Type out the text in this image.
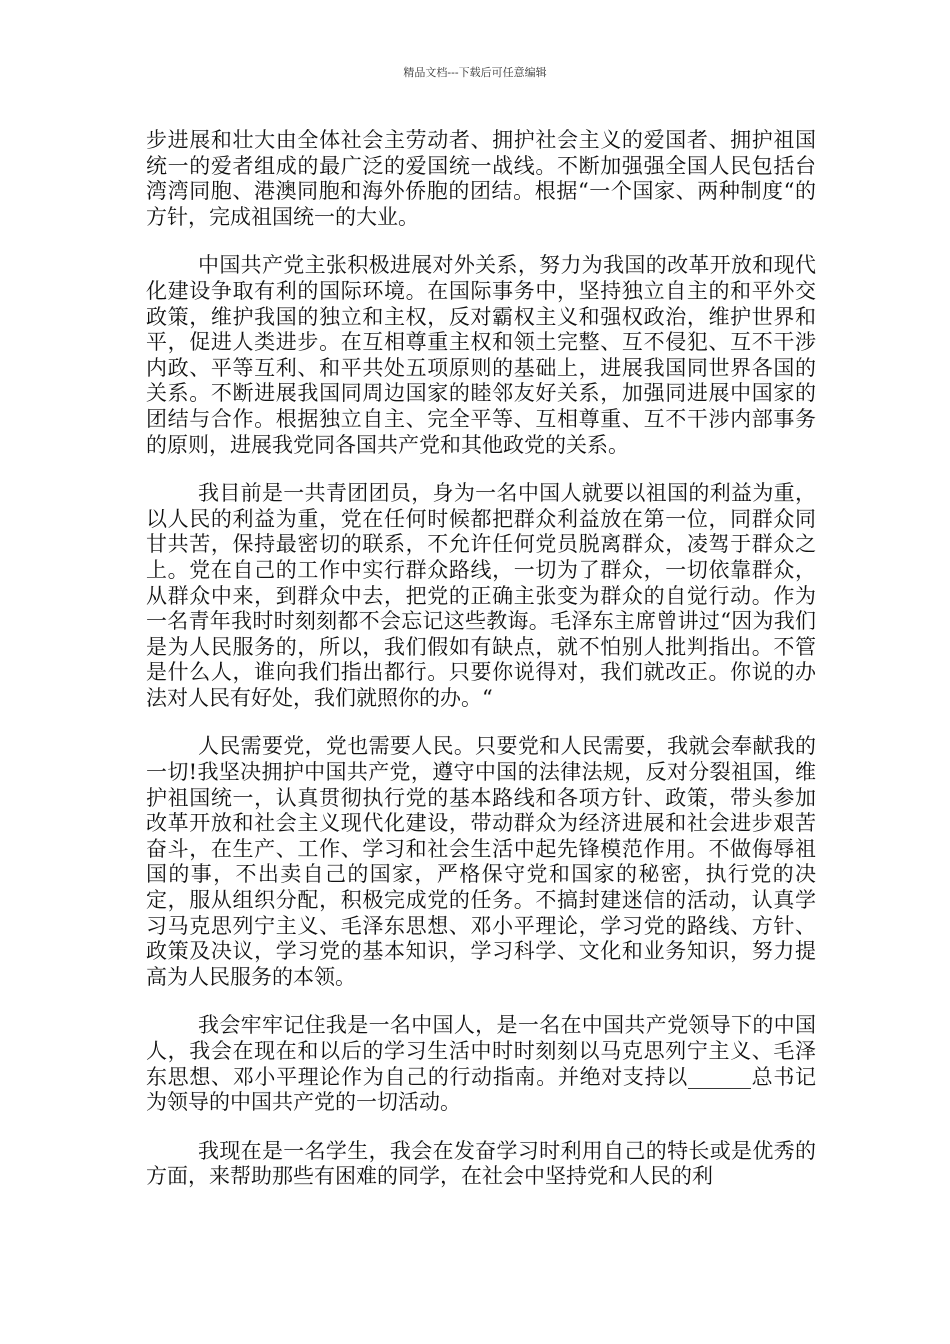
精品文档---下载后可任意编辑

步进展和壮大由全体社会主劳动者、拥护社会主义的爱国者、拥护祖国统一的爱者组成的最广泛的爱国统一战线。不断加强强全国人民包括台湾湾同胞、港澳同胞和海外侨胞的团结。根据“一个国家、两种制度“的方针，完成祖国统一的大业。

中国共产党主张积极进展对外关系，努力为我国的改革开放和现代化建设争取有利的国际环境。在国际事务中，坚持独立自主的和平外交政策，维护我国的独立和主权，反对霸权主义和强权政治，维护世界和平，促进人类进步。在互相尊重主权和领土完整、互不侵犯、互不干涉内政、平等互利、和平共处五项原则的基础上，进展我国同世界各国的关系。不断进展我国同周边国家的睦邻友好关系，加强同进展中国家的团结与合作。根据独立自主、完全平等、互相尊重、互不干涉内部事务的原则，进展我党同各国共产党和其他政党的关系。

我目前是一共青团团员，身为一名中国人就要以祖国的利益为重，以人民的利益为重，党在任何时候都把群众利益放在第一位，同群众同甘共苦，保持最密切的联系，不允许任何党员脱离群众，凌驾于群众之上。党在自己的工作中实行群众路线，一切为了群众，一切依靠群众，从群众中来，到群众中去，把党的正确主张变为群众的自觉行动。作为一名青年我时时刻刻都不会忘记这些教诲。毛泽东主席曾讲过“因为我们是为人民服务的，所以，我们假如有缺点，就不怕别人批判指出。不管是什么人，谁向我们指出都行。只要你说得对，我们就改正。你说的办法对人民有好处，我们就照你的办。“

人民需要党，党也需要人民。只要党和人民需要，我就会奉献我的一切!我坚决拥护中国共产党，遵守中国的法律法规，反对分裂祖国，维护祖国统一，认真贯彻执行党的基本路线和各项方针、政策，带头参加改革开放和社会主义现代化建设，带动群众为经济进展和社会进步艰苦奋斗，在生产、工作、学习和社会生活中起先锋模范作用。不做侮辱祖国的事，不出卖自己的国家，严格保守党和国家的秘密，执行党的决定，服从组织分配，积极完成党的任务。不搞封建迷信的活动，认真学习马克思列宁主义、毛泽东思想、邓小平理论，学习党的路线、方针、政策及决议，学习党的基本知识，学习科学、文化和业务知识，努力提高为人民服务的本领。

我会牢牢记住我是一名中国人，是一名在中国共产党领导下的中国人，我会在现在和以后的学习生活中时时刻刻以马克思列宁主义、毛泽东思想、邓小平理论作为自己的行动指南。并绝对支持以______总书记为领导的中国共产党的一切活动。

我现在是一名学生，我会在发奋学习时利用自己的特长或是优秀的方面，来帮助那些有困难的同学，在社会中坚持党和人民的利
